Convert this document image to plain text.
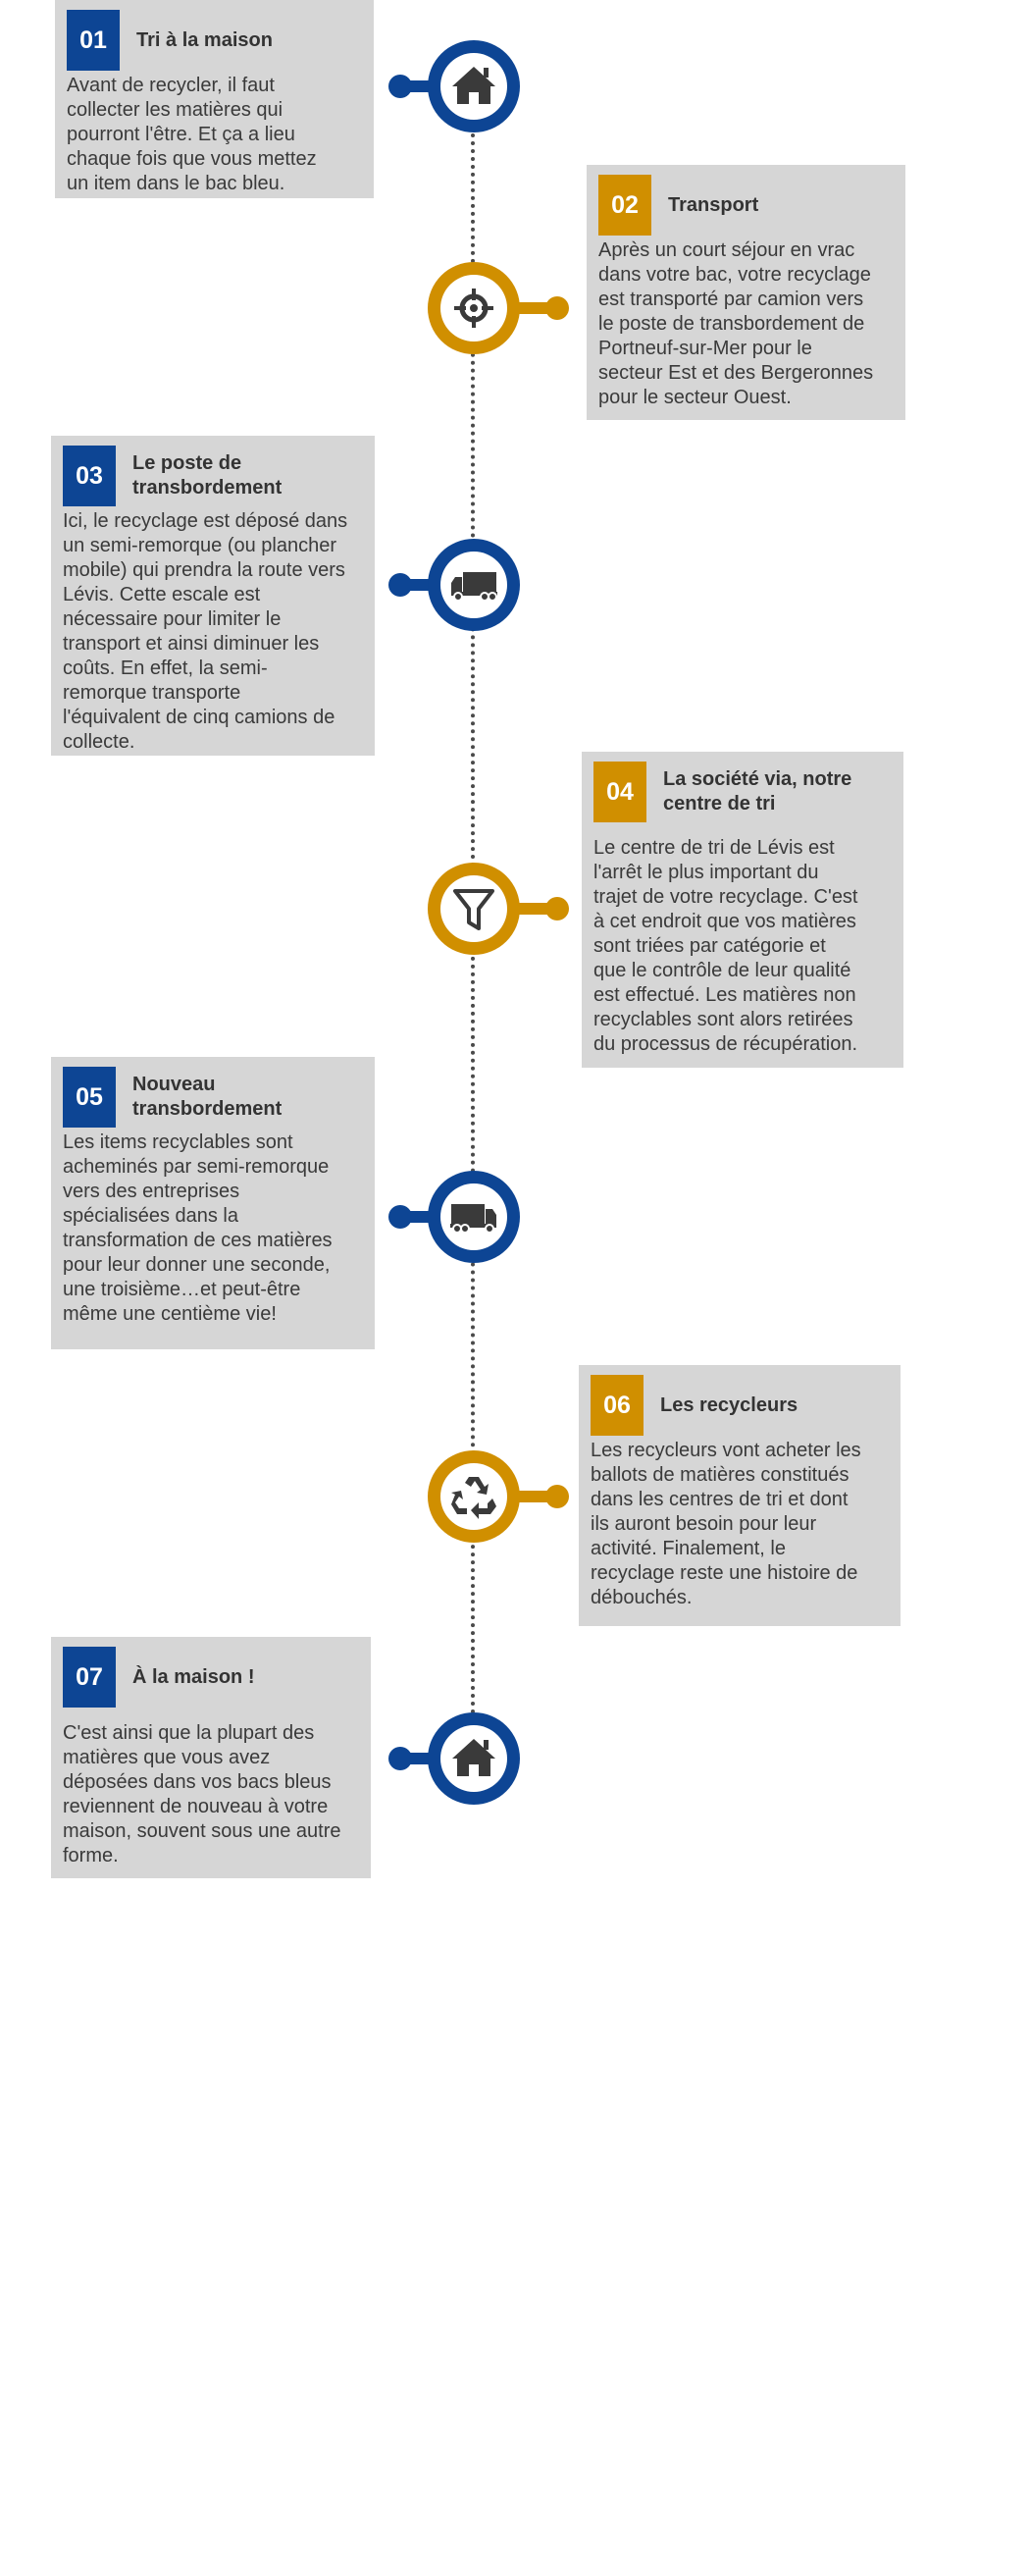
01	Tri à la maison
Avant de recycler, il faut
collecter les matières qui
pourront l'être. Et ça a lieu
chaque fois que vous mettez
un item dans le bac bleu.
02	Transport
Après un court séjour en vrac
dans votre bac, votre recyclage
est transporté par camion vers
le poste de transbordement de
Portneuf-sur-Mer pour le
secteur Est et des Bergeronnes
pour le secteur Ouest.
03	Le poste de
transbordement
Ici, le recyclage est déposé dans
un semi-remorque (ou plancher
mobile) qui prendra la route vers
Lévis. Cette escale est
nécessaire pour limiter le
transport et ainsi diminuer les
coûts. En effet, la semi-
remorque transporte
l'équivalent de cinq camions de
collecte.
04	La société via, notre
centre de tri
Le centre de tri de Lévis est
l'arrêt le plus important du
trajet de votre recyclage. C'est
à cet endroit que vos matières
sont triées par catégorie et
que le contrôle de leur qualité
est effectué. Les matières non
recyclables sont alors retirées
du processus de récupération.
05	Nouveau
transbordement
Les items recyclables sont
acheminés par semi-remorque
vers des entreprises
spécialisées dans la
transformation de ces matières
pour leur donner une seconde,
une troisième…et peut-être
même une centième vie!
06	Les recycleurs
Les recycleurs vont acheter les
ballots de matières constitués
dans les centres de tri et dont
ils auront besoin pour leur
activité. Finalement, le
recyclage reste une histoire de
débouchés.
07	À la maison !
C'est ainsi que la plupart des
matières que vous avez
déposées dans vos bacs bleus
reviennent de nouveau à votre
maison, souvent sous une autre
forme.
